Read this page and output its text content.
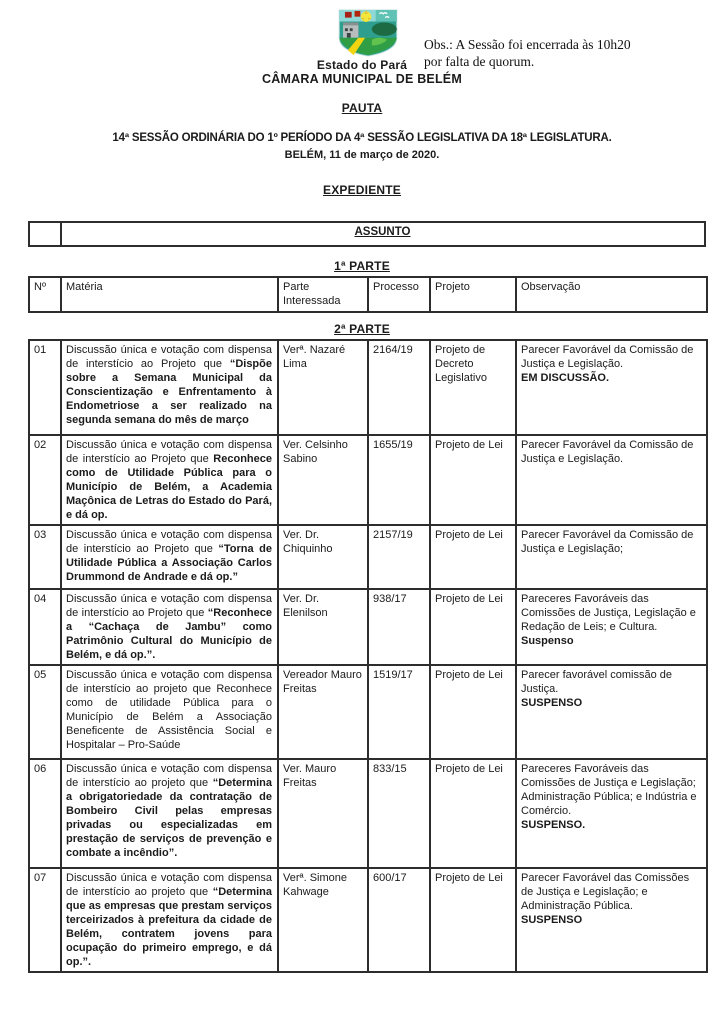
Estado do Pará
CÂMARA MUNICIPAL DE BELÉM
Obs.: A Sessão foi encerrada às 10h20
por falta de quorum.
PAUTA
14ª SESSÃO ORDINÁRIA DO 1º PERÍODO DA 4ª SESSÃO LEGISLATIVA DA 18ª LEGISLATURA.
BELÉM, 11 de março de 2020.
EXPEDIENTE
	ASSUNTO
1ª PARTE
Nº	Matéria	Parte Interessada	Processo	Projeto	Observação
2ª PARTE
01	Discussão única e votação com dispensa de interstício ao Projeto que “Dispõe sobre a Semana Municipal da Conscientização e Enfrentamento à Endometriose a ser realizado na segunda semana do mês de março	Verª. Nazaré Lima	2164/19	Projeto de Decreto Legislativo	Parecer Favorável da Comissão de Justiça e Legislação.
EM DISCUSSÃO.

02	Discussão única e votação com dispensa de interstício ao Projeto que Reconhece como de Utilidade Pública para o Município de Belém, a Academia Maçônica de Letras do Estado do Pará, e dá op.	Ver. Celsinho Sabino	1655/19	Projeto de Lei	Parecer Favorável da Comissão de Justiça e Legislação.

03	Discussão única e votação com dispensa de interstício ao Projeto que “Torna de Utilidade Pública a Associação Carlos Drummond de Andrade e dá op.”	Ver. Dr. Chiquinho	2157/19	Projeto de Lei	Parecer Favorável da Comissão de Justiça e Legislação;

04	Discussão única e votação com dispensa de interstício ao Projeto que “Reconhece a “Cachaça de Jambu” como Patrimônio Cultural do Município de Belém, e dá op.”.	Ver. Dr. Elenilson	938/17	Projeto de Lei	Pareceres Favoráveis das Comissões de Justiça, Legislação e Redação de Leis; e Cultura.
Suspenso

05	Discussão única e votação com dispensa de interstício ao projeto que Reconhece como de utilidade Pública para o Município de Belém a Associação Beneficente de Assistência Social e Hospitalar – Pro-Saúde	Vereador Mauro Freitas	1519/17	Projeto de Lei	Parecer favorável comissão de Justiça.
SUSPENSO

06	Discussão única e votação com dispensa de interstício ao projeto que “Determina a obrigatoriedade da contratação de Bombeiro Civil pelas empresas privadas ou especializadas em prestação de serviços de prevenção e combate a incêndio”.	Ver. Mauro Freitas	833/15	Projeto de Lei	Pareceres Favoráveis das Comissões de Justiça e Legislação; Administração Pública; e Indústria e Comércio.
SUSPENSO.

07	Discussão única e votação com dispensa de interstício ao projeto que “Determina que as empresas que prestam serviços terceirizados à prefeitura da cidade de Belém, contratem jovens para ocupação do primeiro emprego, e dá op.”.	Verª. Simone Kahwage	600/17	Projeto de Lei	Parecer Favorável das Comissões de Justiça e Legislação; e Administração Pública.
SUSPENSO
